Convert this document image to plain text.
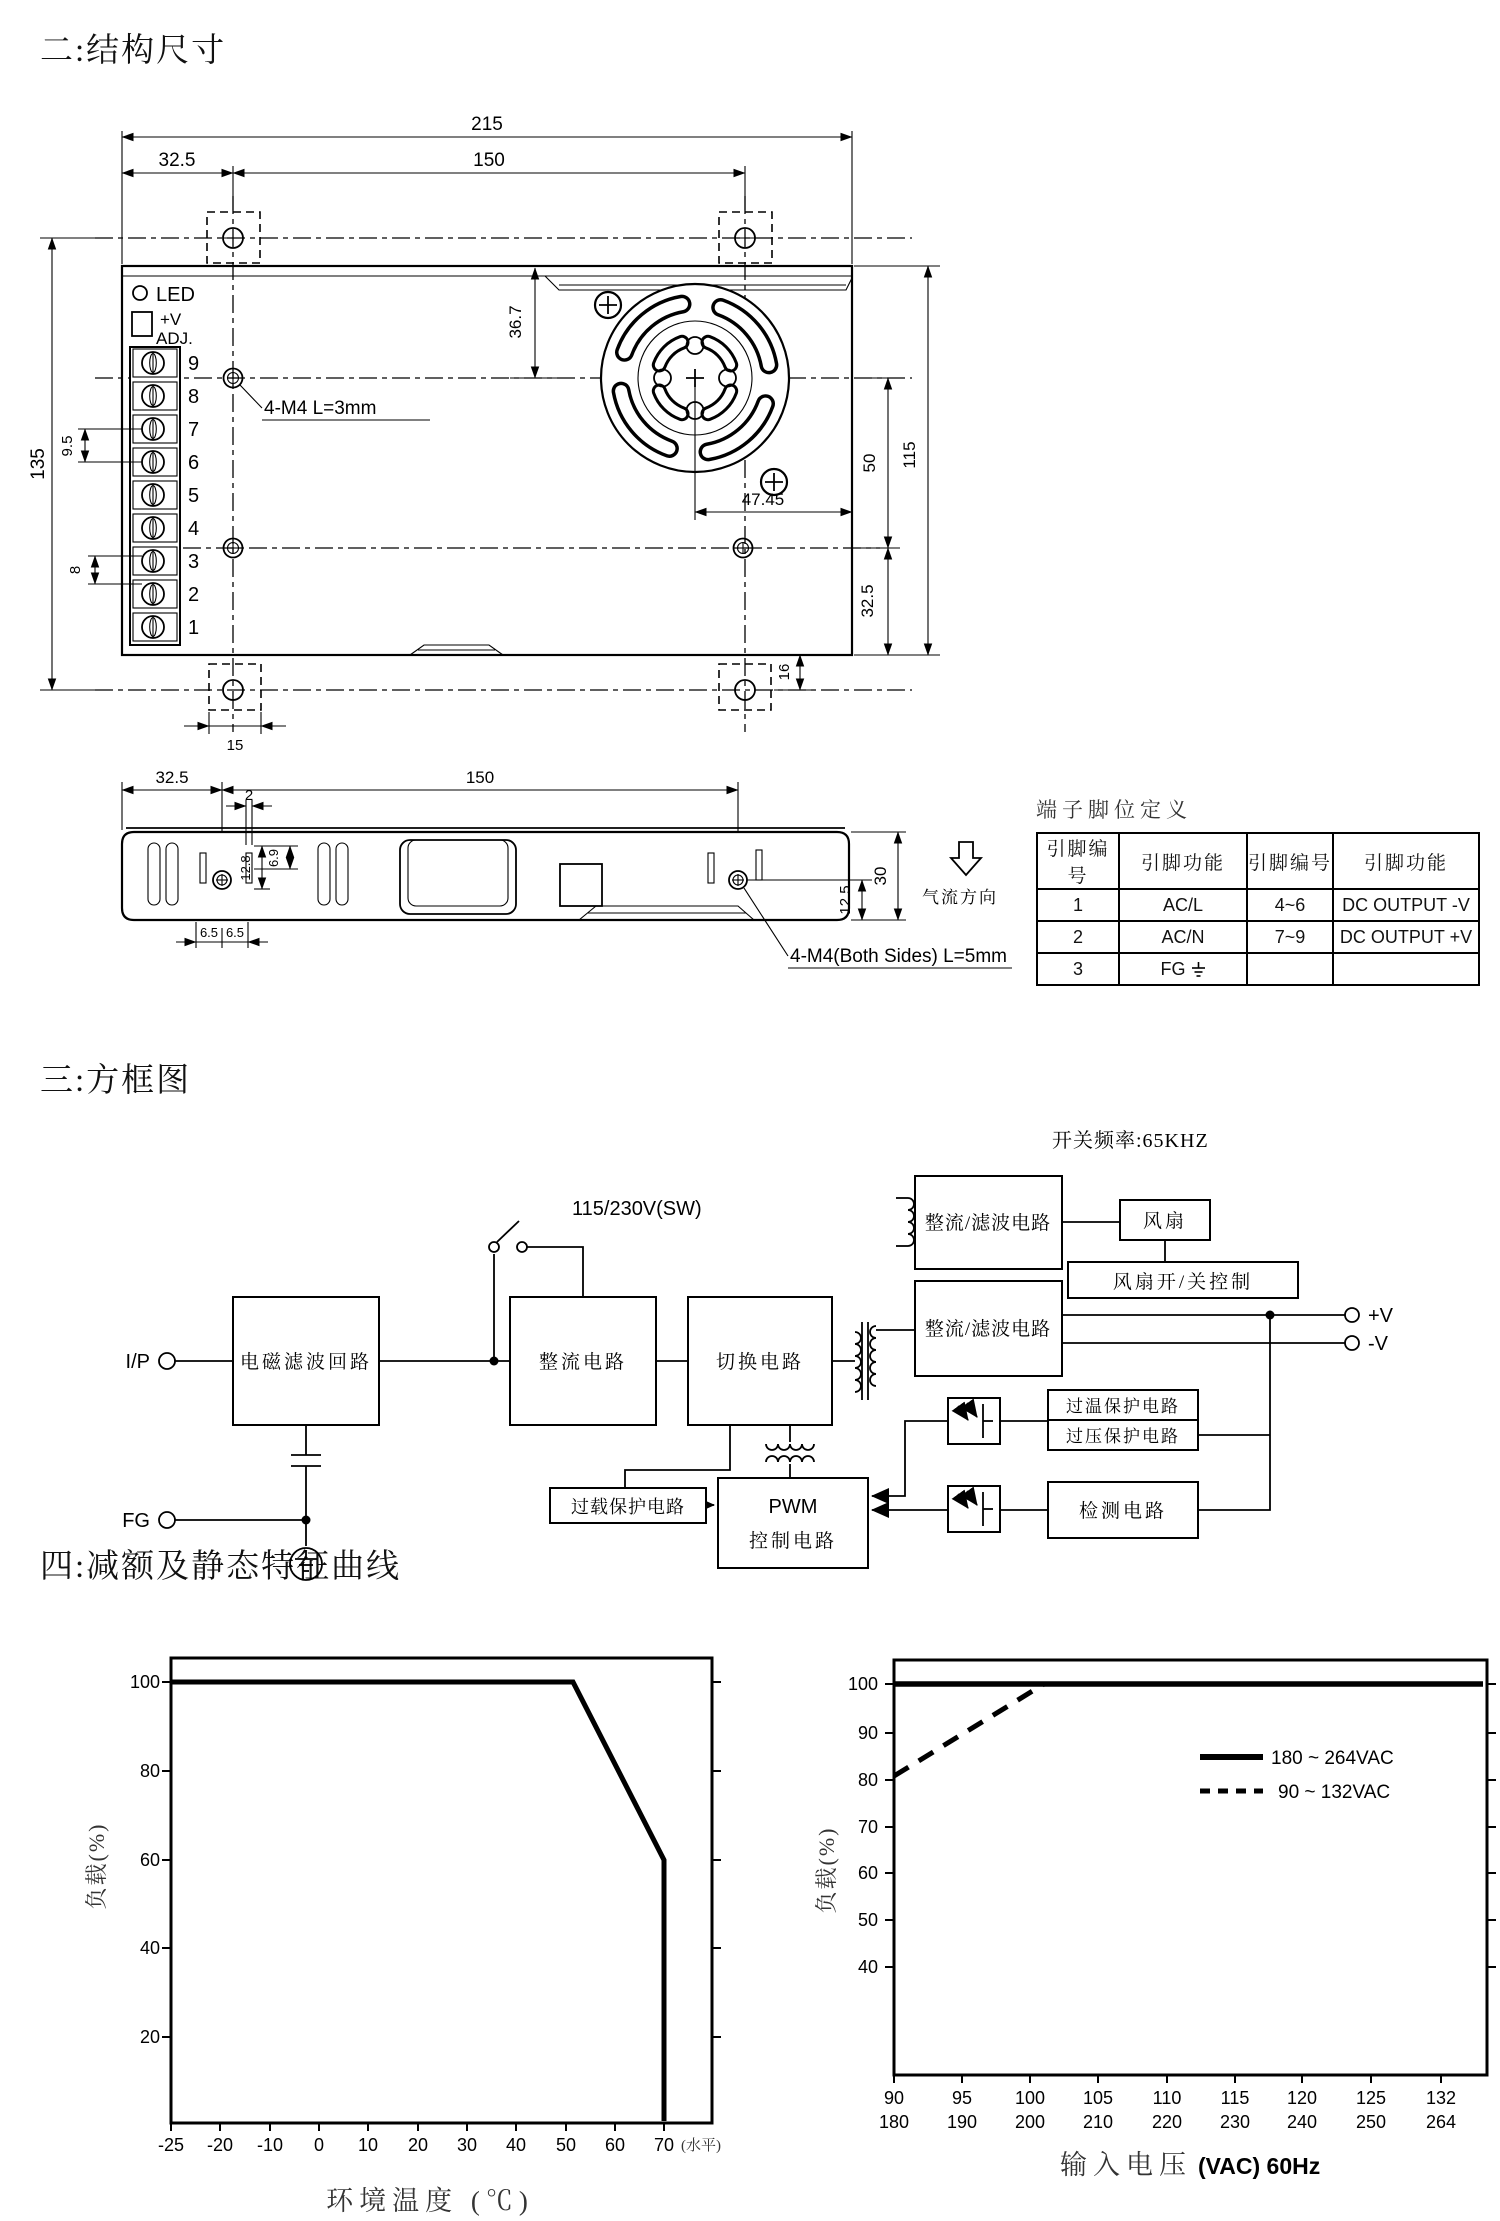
二:结构尺寸
三:方框图
四:减额及静态特征曲线
端子脚位定义
引脚编号	引脚功能	引脚编号	引脚功能
1	AC/L	4~6	DC OUTPUT -V
2	AC/N	7~9	DC OUTPUT +V
3	FG		
215
32.5	150
135
9
8
7
6
5
4
3
2
1
LED
+V
ADJ.
9.5
8
4-M4 L=3mm
36.7
47.45
50
32.5
115
16
15
32.5	150
2
6.9
12.8
6.5 6.5
30
12.5
4-M4(Both Sides) L=5mm
气流方向
开关频率:65KHZ
115/230V(SW)
I/P
FG
+V
-V
电磁滤波回路	整流电路	切换电路
整流/滤波电路
整流/滤波电路
风扇
风扇开/关控制
过载保护电路	PWM
控制电路
过温保护电路
过压保护电路
检测电路
100
80
60
40
20
-25 -20 -10 0 10 20 30 40 50 60 70 (水平)
负载(%)
环境温度 (℃)
180 ~ 264VAC
90 ~ 132VAC
100
90
80
70
60
50
40
90	95 100 105 110 115 120 125 132
180 190 200 210 220 230 240 250 264
负载(%)
输入电压 (VAC) 60Hz
